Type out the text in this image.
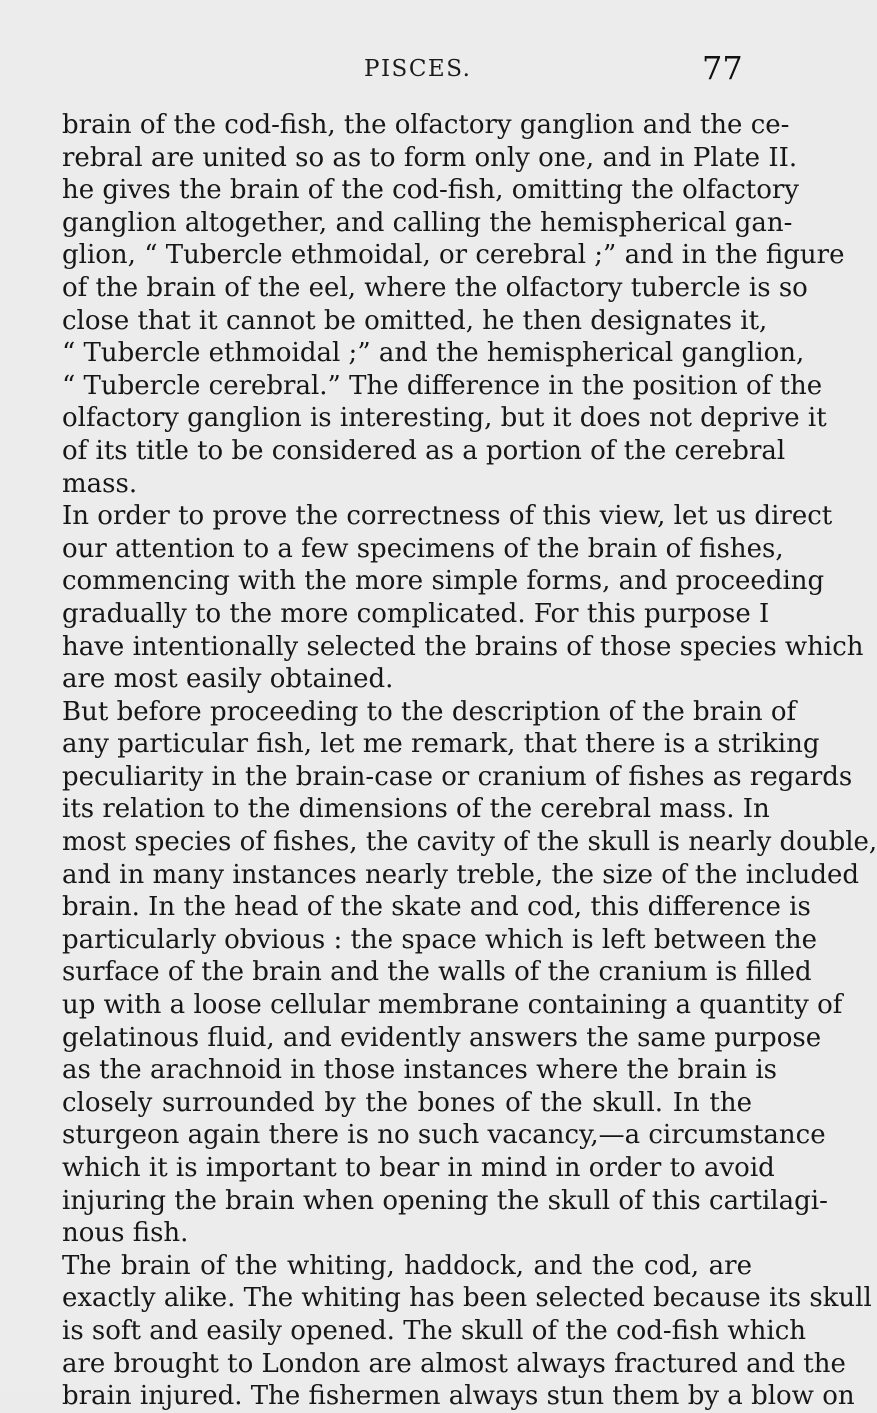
PISCES.	77
brain of the cod-fish, the olfactory ganglion and the ce-
rebral are united so as to form only one, and in Plate II.
he gives the brain of the cod-fish, omitting the olfactory
ganglion altogether, and calling the hemispherical gan-
glion, “ Tubercle ethmoidal, or cerebral ;” and in the figure
of the brain of the eel, where the olfactory tubercle is so
close that it cannot be omitted, he then designates it,
“ Tubercle ethmoidal ;” and the hemispherical ganglion,
“ Tubercle cerebral.” The difference in the position of the
olfactory ganglion is interesting, but it does not deprive it
of its title to be considered as a portion of the cerebral
mass.
In order to prove the correctness of this view, let us direct
our attention to a few specimens of the brain of fishes,
commencing with the more simple forms, and proceeding
gradually to the more complicated. For this purpose I
have intentionally selected the brains of those species which
are most easily obtained.
But before proceeding to the description of the brain of
any particular fish, let me remark, that there is a striking
peculiarity in the brain-case or cranium of fishes as regards
its relation to the dimensions of the cerebral mass. In
most species of fishes, the cavity of the skull is nearly double,
and in many instances nearly treble, the size of the included
brain. In the head of the skate and cod, this difference is
particularly obvious : the space which is left between the
surface of the brain and the walls of the cranium is filled
up with a loose cellular membrane containing a quantity of
gelatinous fluid, and evidently answers the same purpose
as the arachnoid in those instances where the brain is
closely surrounded by the bones of the skull. In the
sturgeon again there is no such vacancy,—a circumstance
which it is important to bear in mind in order to avoid
injuring the brain when opening the skull of this cartilagi-
nous fish.
The brain of the whiting, haddock, and the cod, are
exactly alike. The whiting has been selected because its skull
is soft and easily opened. The skull of the cod-fish which
are brought to London are almost always fractured and the
brain injured. The fishermen always stun them by a blow on
